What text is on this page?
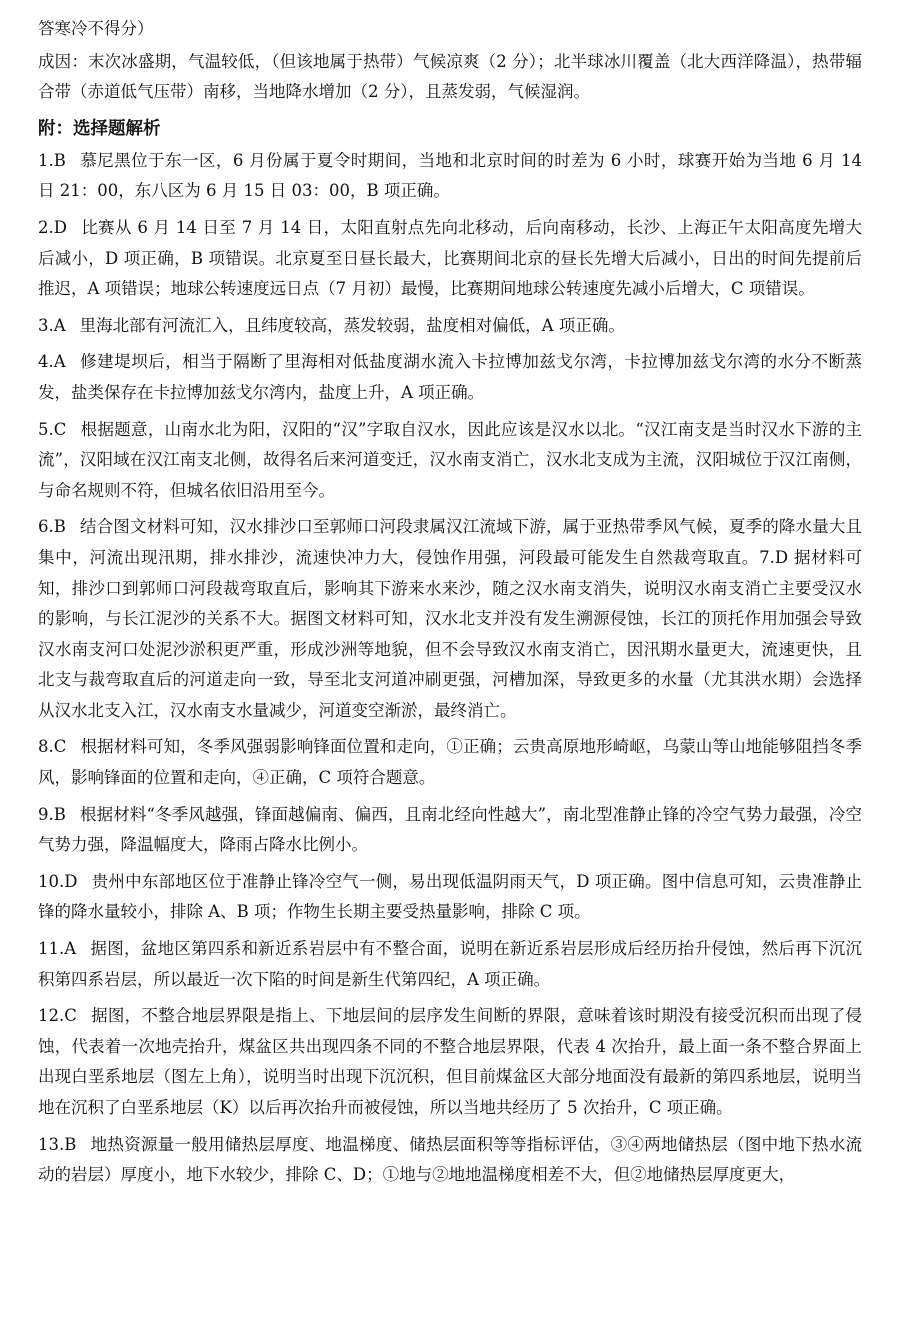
答寒冷不得分）

成因：末次冰盛期，气温较低，（但该地属于热带）气候凉爽（2 分）；北半球冰川覆盖（北大西洋降温），热带辐合带（赤道低气压带）南移，当地降水增加（2 分），且蒸发弱，气候湿润。

附：选择题解析

1.B 慕尼黑位于东一区，6 月份属于夏令时期间，当地和北京时间的时差为 6 小时，球赛开始为当地 6 月 14 日 21：00，东八区为 6 月 15 日 03：00，B 项正确。

2.D 比赛从 6 月 14 日至 7 月 14 日，太阳直射点先向北移动，后向南移动，长沙、上海正午太阳高度先增大后减小，D 项正确，B 项错误。北京夏至日昼长最大，比赛期间北京的昼长先增大后减小，日出的时间先提前后推迟，A 项错误；地球公转速度远日点（7 月初）最慢，比赛期间地球公转速度先减小后增大，C 项错误。

3.A 里海北部有河流汇入，且纬度较高，蒸发较弱，盐度相对偏低，A 项正确。

4.A 修建堤坝后，相当于隔断了里海相对低盐度湖水流入卡拉博加兹戈尔湾，卡拉博加兹戈尔湾的水分不断蒸发，盐类保存在卡拉博加兹戈尔湾内，盐度上升，A 项正确。

5.C 根据题意，山南水北为阳，汉阳的“汉”字取自汉水，因此应该是汉水以北。“汉江南支是当时汉水下游的主流”，汉阳域在汉江南支北侧，故得名后来河道变迁，汉水南支消亡，汉水北支成为主流，汉阳城位于汉江南侧，与命名规则不符，但城名依旧沿用至今。

6.B 结合图文材料可知，汉水排沙口至郭师口河段隶属汉江流域下游，属于亚热带季风气候，夏季的降水量大且集中，河流出现汛期，排水排沙，流速快冲力大，侵蚀作用强，河段最可能发生自然裁弯取直。7.D 据材料可知，排沙口到郭师口河段裁弯取直后，影响其下游来水来沙，随之汉水南支消失，说明汉水南支消亡主要受汉水的影响，与长江泥沙的关系不大。据图文材料可知，汉水北支并没有发生溯源侵蚀，长江的顶托作用加强会导致汉水南支河口处泥沙淤积更严重，形成沙洲等地貌，但不会导致汉水南支消亡，因汛期水量更大，流速更快，且北支与裁弯取直后的河道走向一致，导至北支河道冲刷更强，河槽加深，导致更多的水量（尤其洪水期）会选择从汉水北支入江，汉水南支水量减少，河道变空渐淤，最终消亡。

8.C 根据材料可知，冬季风强弱影响锋面位置和走向，①正确；云贵高原地形崎岖，乌蒙山等山地能够阻挡冬季风，影响锋面的位置和走向，④正确，C 项符合题意。

9.B 根据材料“冬季风越强，锋面越偏南、偏西，且南北经向性越大”，南北型准静止锋的冷空气势力最强，冷空气势力强，降温幅度大，降雨占降水比例小。

10.D 贵州中东部地区位于准静止锋冷空气一侧，易出现低温阴雨天气，D 项正确。图中信息可知，云贵准静止锋的降水量较小，排除 A、B 项；作物生长期主要受热量影响，排除 C 项。

11.A 据图，盆地区第四系和新近系岩层中有不整合面，说明在新近系岩层形成后经历抬升侵蚀，然后再下沉沉积第四系岩层，所以最近一次下陷的时间是新生代第四纪，A 项正确。

12.C 据图，不整合地层界限是指上、下地层间的层序发生间断的界限，意味着该时期没有接受沉积而出现了侵蚀，代表着一次地壳抬升，煤盆区共出现四条不同的不整合地层界限，代表 4 次抬升，最上面一条不整合界面上出现白垩系地层（图左上角），说明当时出现下沉沉积，但目前煤盆区大部分地面没有最新的第四系地层，说明当地在沉积了白垩系地层（K）以后再次抬升而被侵蚀，所以当地共经历了 5 次抬升，C 项正确。

13.B 地热资源量一般用储热层厚度、地温梯度、储热层面积等等指标评估，③④两地储热层（图中地下热水流动的岩层）厚度小，地下水较少，排除 C、D；①地与②地地温梯度相差不大，但②地储热层厚度更大，
